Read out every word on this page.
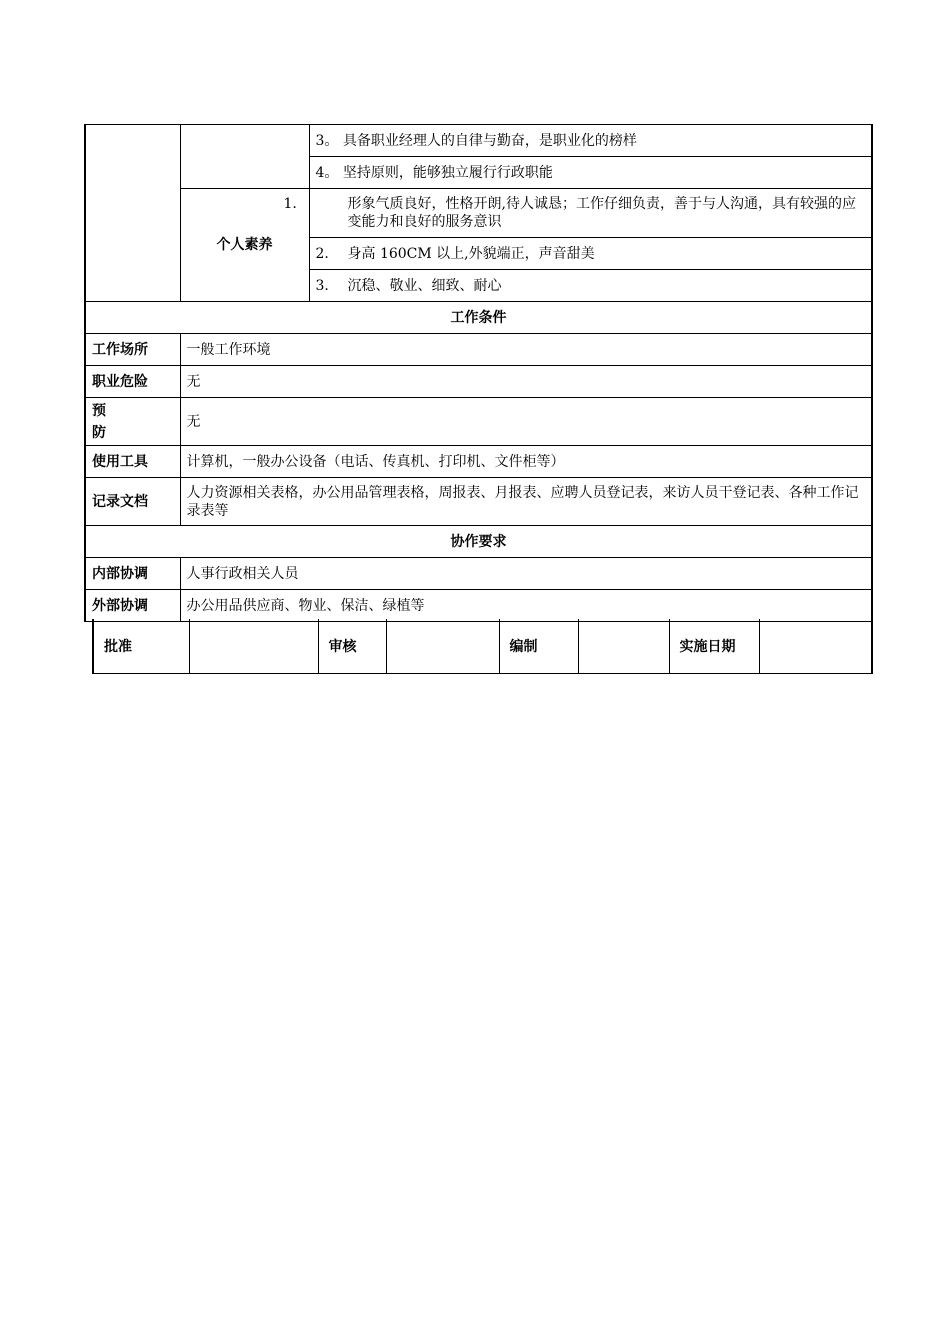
		3。 具备职业经理人的自律与勤奋，是职业化的榜样
		4。 坚持原则，能够独立履行行政职能
	个人素养	1. 形象气质良好，性格开朗,待人诚恳；工作仔细负责，善于与人沟通，具有较强的应变能力和良好的服务意识

		2. 身高 160CM 以上,外貌端正，声音甜美
		3. 沉稳、敬业、细致、耐心
工作条件		
工作场所	一般工作环境	
职业危险	无	

预
防	无	
使用工具	计算机，一般办公设备（电话、传真机、打印机、文件柜等）	
记录文档	人力资源相关表格，办公用品管理表格，周报表、月报表、应聘人员登记表，来访人员干登记表、各种工作记录表等	
协作要求		
内部协调	人事行政相关人员	
外部协调	办公用品供应商、物业、保洁、绿植等	
批准		审核		编制		实施日期	
